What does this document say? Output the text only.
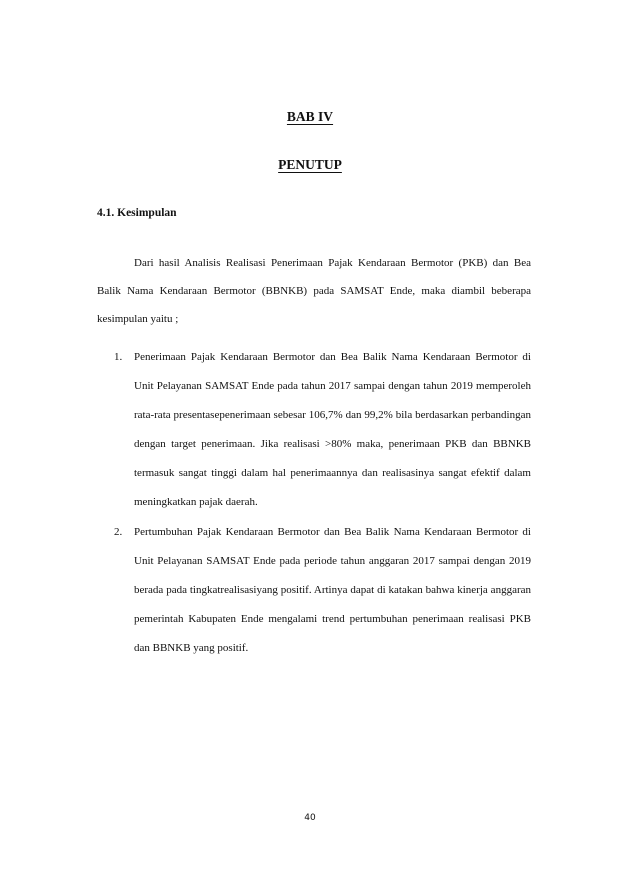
BAB IV
PENUTUP
4.1. Kesimpulan

Dari hasil Analisis Realisasi Penerimaan Pajak Kendaraan Bermotor (PKB) dan Bea Balik Nama Kendaraan Bermotor (BBNKB) pada SAMSAT Ende, maka diambil beberapa kesimpulan yaitu ;

1. Penerimaan Pajak Kendaraan Bermotor dan Bea Balik Nama Kendaraan Bermotor di Unit Pelayanan SAMSAT Ende pada tahun 2017 sampai dengan tahun 2019 memperoleh rata-rata presentasepenerimaan sebesar 106,7% dan 99,2% bila berdasarkan perbandingan dengan target penerimaan. Jika realisasi >80% maka, penerimaan PKB dan BBNKB termasuk sangat tinggi dalam hal penerimaannya dan realisasinya sangat efektif dalam meningkatkan pajak daerah.
2. Pertumbuhan Pajak Kendaraan Bermotor dan Bea Balik Nama Kendaraan Bermotor di Unit Pelayanan SAMSAT Ende pada periode tahun anggaran 2017 sampai dengan 2019 berada pada tingkatrealisasiyang positif. Artinya dapat di katakan bahwa kinerja anggaran pemerintah Kabupaten Ende mengalami trend pertumbuhan penerimaan realisasi PKB dan BBNKB yang positif.
40
